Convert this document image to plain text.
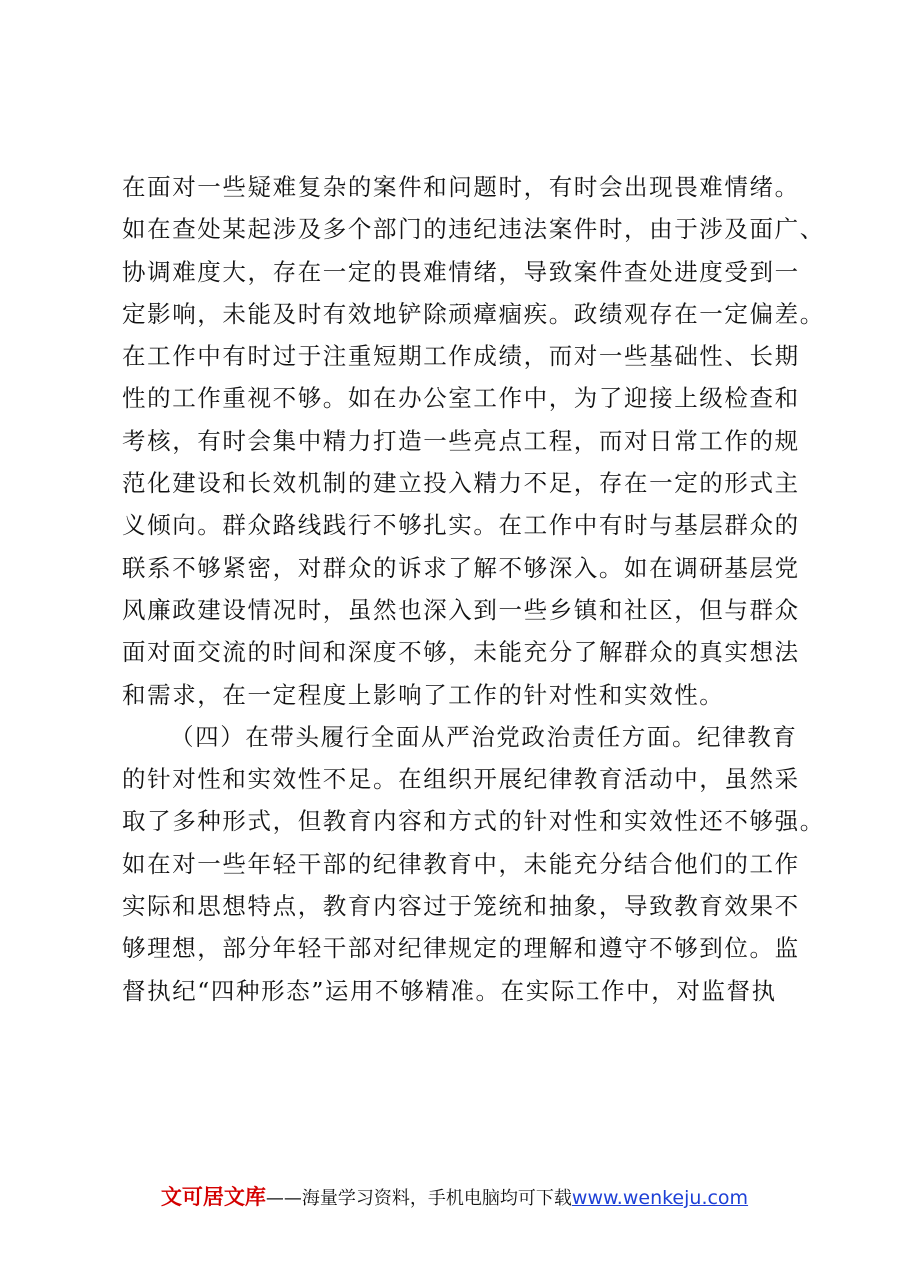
在面对一些疑难复杂的案件和问题时，有时会出现畏难情绪。
如在查处某起涉及多个部门的违纪违法案件时，由于涉及面广、
协调难度大，存在一定的畏难情绪，导致案件查处进度受到一
定影响，未能及时有效地铲除顽瘴痼疾。政绩观存在一定偏差。
在工作中有时过于注重短期工作成绩，而对一些基础性、长期
性的工作重视不够。如在办公室工作中，为了迎接上级检查和
考核，有时会集中精力打造一些亮点工程，而对日常工作的规
范化建设和长效机制的建立投入精力不足，存在一定的形式主
义倾向。群众路线践行不够扎实。在工作中有时与基层群众的
联系不够紧密，对群众的诉求了解不够深入。如在调研基层党
风廉政建设情况时，虽然也深入到一些乡镇和社区，但与群众
面对面交流的时间和深度不够，未能充分了解群众的真实想法
和需求，在一定程度上影响了工作的针对性和实效性。
（四）在带头履行全面从严治党政治责任方面。纪律教育
的针对性和实效性不足。在组织开展纪律教育活动中，虽然采
取了多种形式，但教育内容和方式的针对性和实效性还不够强。
如在对一些年轻干部的纪律教育中，未能充分结合他们的工作
实际和思想特点，教育内容过于笼统和抽象，导致教育效果不
够理想，部分年轻干部对纪律规定的理解和遵守不够到位。监
督执纪“四种形态”运用不够精准。在实际工作中，对监督执
文可居文库——海量学习资料，手机电脑均可下载www.wenkeju.com
